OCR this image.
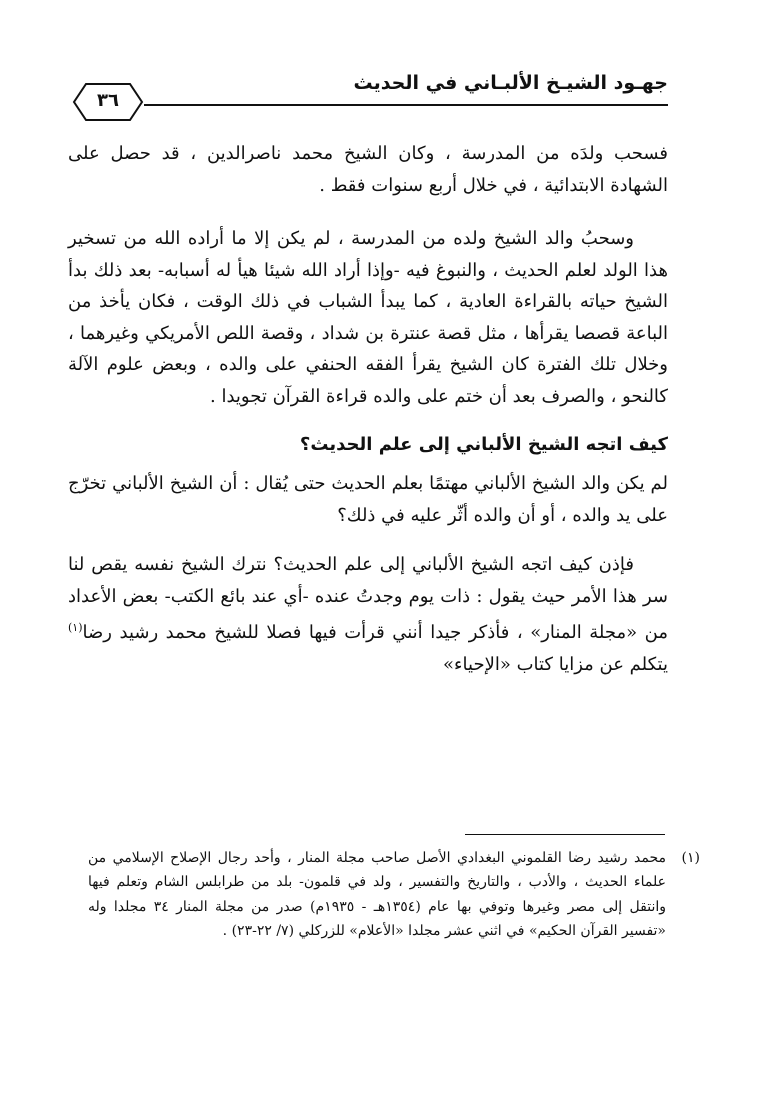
جهـود الشيـخ الألبـاني في الحديث
٣٦

فسحب ولدَه من المدرسة ، وكان الشيخ محمد ناصرالدين ، قد حصل على الشهادة الابتدائية ، في خلال أربع سنوات فقط .

وسحبُ والد الشيخ ولده من المدرسة ، لم يكن إلا ما أراده الله من تسخير هذا الولد لعلم الحديث ، والنبوغ فيه -وإذا أراد الله شيئا هيأ له أسبابه- بعد ذلك بدأ الشيخ حياته بالقراءة العادية ، كما يبدأ الشباب في ذلك الوقت ، فكان يأخذ من الباعة قصصا يقرأها ، مثل قصة عنترة بن شداد ، وقصة اللص الأمريكي وغيرهما ، وخلال تلك الفترة كان الشيخ يقرأ الفقه الحنفي على والده ، وبعض علوم الآلة كالنحو ، والصرف بعد أن ختم على والده قراءة القرآن تجويدا .

كيف اتجه الشيخ الألباني إلى علم الحديث؟

لم يكن والد الشيخ الألباني مهتمًا بعلم الحديث حتى يُقال : أن الشيخ الألباني تخرّج على يد والده ، أو أن والده أثّر عليه في ذلك؟

فإذن كيف اتجه الشيخ الألباني إلى علم الحديث؟ نترك الشيخ نفسه يقص لنا سر هذا الأمر حيث يقول : ذات يوم وجدتُ عنده -أي عند بائع الكتب- بعض الأعداد من «مجلة المنار» ، فأذكر جيدا أنني قرأت فيها فصلا للشيخ محمد رشيد رضا$^{(١)}$ يتكلم عن مزايا كتاب «الإحياء»

(١)محمد رشيد رضا القلموني البغدادي الأصل صاحب مجلة المنار ، وأحد رجال الإصلاح الإسلامي من علماء الحديث ، والأدب ، والتاريخ والتفسير ، ولد في قلمون- بلد من طرابلس الشام وتعلم فيها وانتقل إلى مصر وغيرها وتوفي بها عام (١٣٥٤هـ - ١٩٣٥م) صدر من مجلة المنار ٣٤ مجلدا وله «تفسير القرآن الحكيم» في اثني عشر مجلدا «الأعلام» للزركلي (٧/ ٢٢-٢٣) .
